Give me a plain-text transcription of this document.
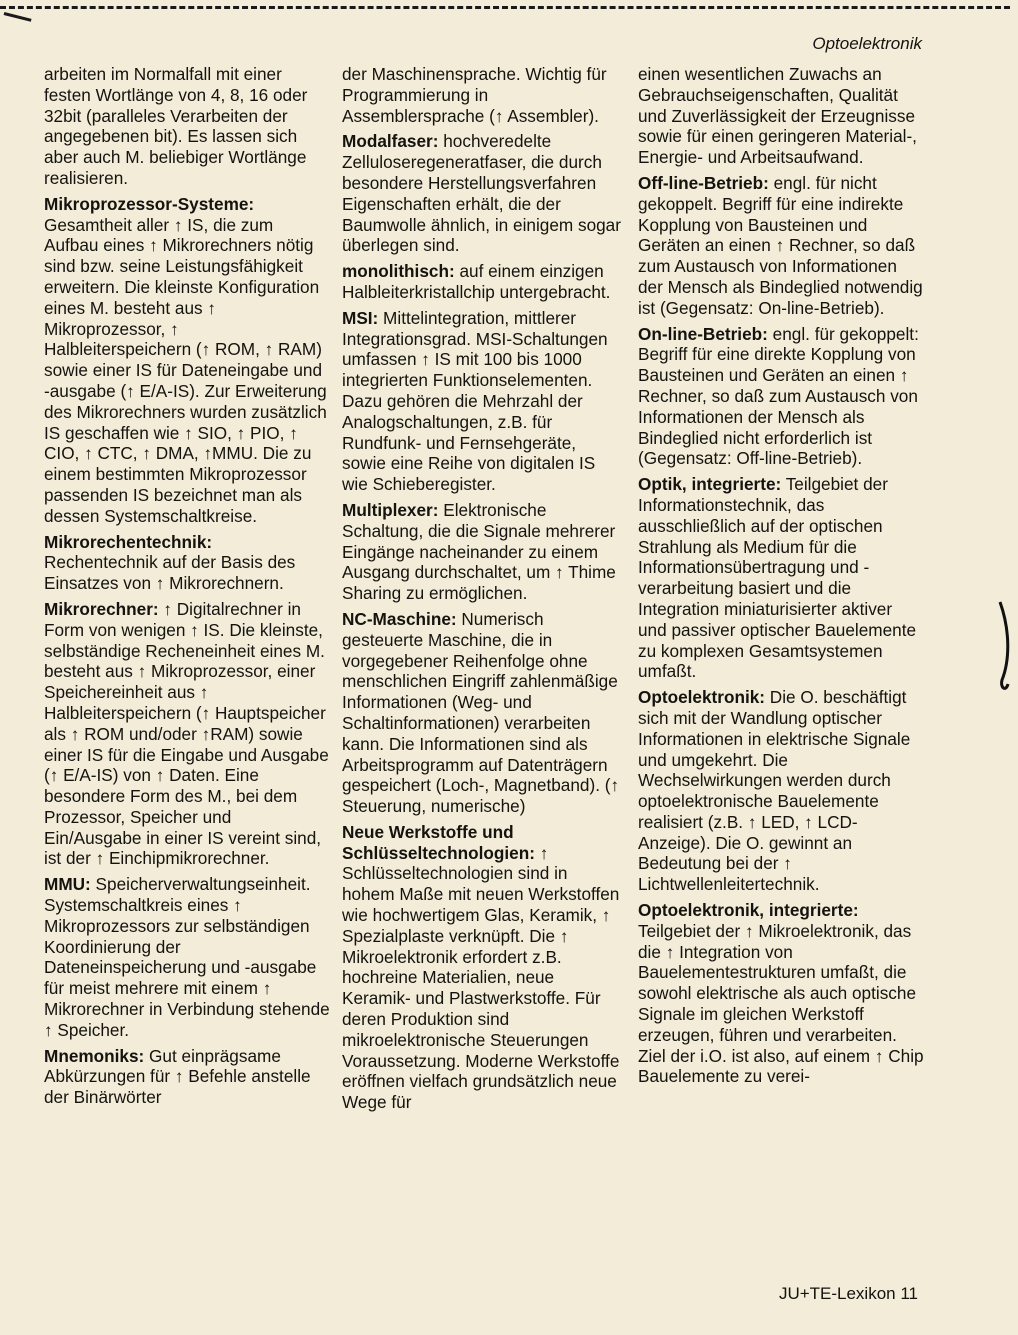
Optoelektronik

arbeiten im Normalfall mit einer festen Wortlänge von 4, 8, 16 oder 32bit (paralleles Verarbeiten der angegebenen bit). Es lassen sich aber auch M. beliebiger Wortlänge realisieren.

Mikroprozessor-Systeme: Gesamtheit aller ↑ IS, die zum Aufbau eines ↑ Mikrorechners nötig sind bzw. seine Leistungsfähigkeit erweitern. Die kleinste Konfiguration eines M. besteht aus ↑ Mikroprozessor, ↑ Halbleiterspeichern (↑ ROM, ↑ RAM) sowie einer IS für Dateneingabe und -ausgabe (↑ E/A-IS). Zur Erweiterung des Mikrorechners wurden zusätzlich IS geschaffen wie ↑ SIO, ↑ PIO, ↑ CIO, ↑ CTC, ↑ DMA, ↑MMU. Die zu einem bestimmten Mikroprozessor passenden IS bezeichnet man als dessen Systemschaltkreise.

Mikrorechentechnik: Rechentechnik auf der Basis des Einsatzes von ↑ Mikrorechnern.

Mikrorechner: ↑ Digitalrechner in Form von wenigen ↑ IS. Die kleinste, selbständige Recheneinheit eines M. besteht aus ↑ Mikroprozessor, einer Speichereinheit aus ↑ Halbleiterspeichern (↑ Hauptspeicher als ↑ ROM und/oder ↑RAM) sowie einer IS für die Eingabe und Ausgabe (↑ E/A-IS) von ↑ Daten. Eine besondere Form des M., bei dem Prozessor, Speicher und Ein/Ausgabe in einer IS vereint sind, ist der ↑ Einchipmikrorechner.

MMU: Speicherverwaltungseinheit. Systemschaltkreis eines ↑ Mikroprozessors zur selbständigen Koordinierung der Dateneinspeicherung und -ausgabe für meist mehrere mit einem ↑ Mikrorechner in Verbindung stehende ↑ Speicher.

Mnemoniks: Gut einprägsame Abkürzungen für ↑ Befehle anstelle der Binärwörter

der Maschinensprache. Wichtig für Programmierung in Assemblersprache (↑ Assembler).

Modalfaser: hochveredelte Zelluloseregeneratfaser, die durch besondere Herstellungsverfahren Eigenschaften erhält, die der Baumwolle ähnlich, in einigem sogar überlegen sind.

monolithisch: auf einem einzigen Halbleiterkristallchip untergebracht.

MSI: Mittelintegration, mittlerer Integrationsgrad. MSI-Schaltungen umfassen ↑ IS mit 100 bis 1000 integrierten Funktionselementen. Dazu gehören die Mehrzahl der Analogschaltungen, z.B. für Rundfunk- und Fernsehgeräte, sowie eine Reihe von digitalen IS wie Schieberegister.

Multiplexer: Elektronische Schaltung, die die Signale mehrerer Eingänge nacheinander zu einem Ausgang durchschaltet, um ↑ Thime Sharing zu ermöglichen.

NC-Maschine: Numerisch gesteuerte Maschine, die in vorgegebener Reihenfolge ohne menschlichen Eingriff zahlenmäßige Informationen (Weg- und Schaltinformationen) verarbeiten kann. Die Informationen sind als Arbeitsprogramm auf Datenträgern gespeichert (Loch-, Magnetband). (↑ Steuerung, numerische)

Neue Werkstoffe und Schlüsseltechnologien: ↑ Schlüsseltechnologien sind in hohem Maße mit neuen Werkstoffen wie hochwertigem Glas, Keramik, ↑ Spezialplaste verknüpft. Die ↑ Mikroelektronik erfordert z.B. hochreine Materialien, neue Keramik- und Plastwerkstoffe. Für deren Produktion sind mikroelektronische Steuerungen Voraussetzung. Moderne Werkstoffe eröffnen vielfach grundsätzlich neue Wege für

einen wesentlichen Zuwachs an Gebrauchseigenschaften, Qualität und Zuverlässigkeit der Erzeugnisse sowie für einen geringeren Material-, Energie- und Arbeitsaufwand.

Off-line-Betrieb: engl. für nicht gekoppelt. Begriff für eine indirekte Kopplung von Bausteinen und Geräten an einen ↑ Rechner, so daß zum Austausch von Informationen der Mensch als Bindeglied notwendig ist (Gegensatz: On-line-Betrieb).

On-line-Betrieb: engl. für gekoppelt: Begriff für eine direkte Kopplung von Bausteinen und Geräten an einen ↑ Rechner, so daß zum Austausch von Informationen der Mensch als Bindeglied nicht erforderlich ist (Gegensatz: Off-line-Betrieb).

Optik, integrierte: Teilgebiet der Informationstechnik, das ausschließlich auf der optischen Strahlung als Medium für die Informationsübertragung und -verarbeitung basiert und die Integration miniaturisierter aktiver und passiver optischer Bauelemente zu komplexen Gesamtsystemen umfaßt.

Optoelektronik: Die O. beschäftigt sich mit der Wandlung optischer Informationen in elektrische Signale und umgekehrt. Die Wechselwirkungen werden durch optoelektronische Bauelemente realisiert (z.B. ↑ LED, ↑ LCD-Anzeige). Die O. gewinnt an Bedeutung bei der ↑ Lichtwellenleitertechnik.

Optoelektronik, integrierte: Teilgebiet der ↑ Mikroelektronik, das die ↑ Integration von Bauelementestrukturen umfaßt, die sowohl elektrische als auch optische Signale im gleichen Werkstoff erzeugen, führen und verarbeiten. Ziel der i.O. ist also, auf einem ↑ Chip Bauelemente zu verei-

JU+TE-Lexikon 11
